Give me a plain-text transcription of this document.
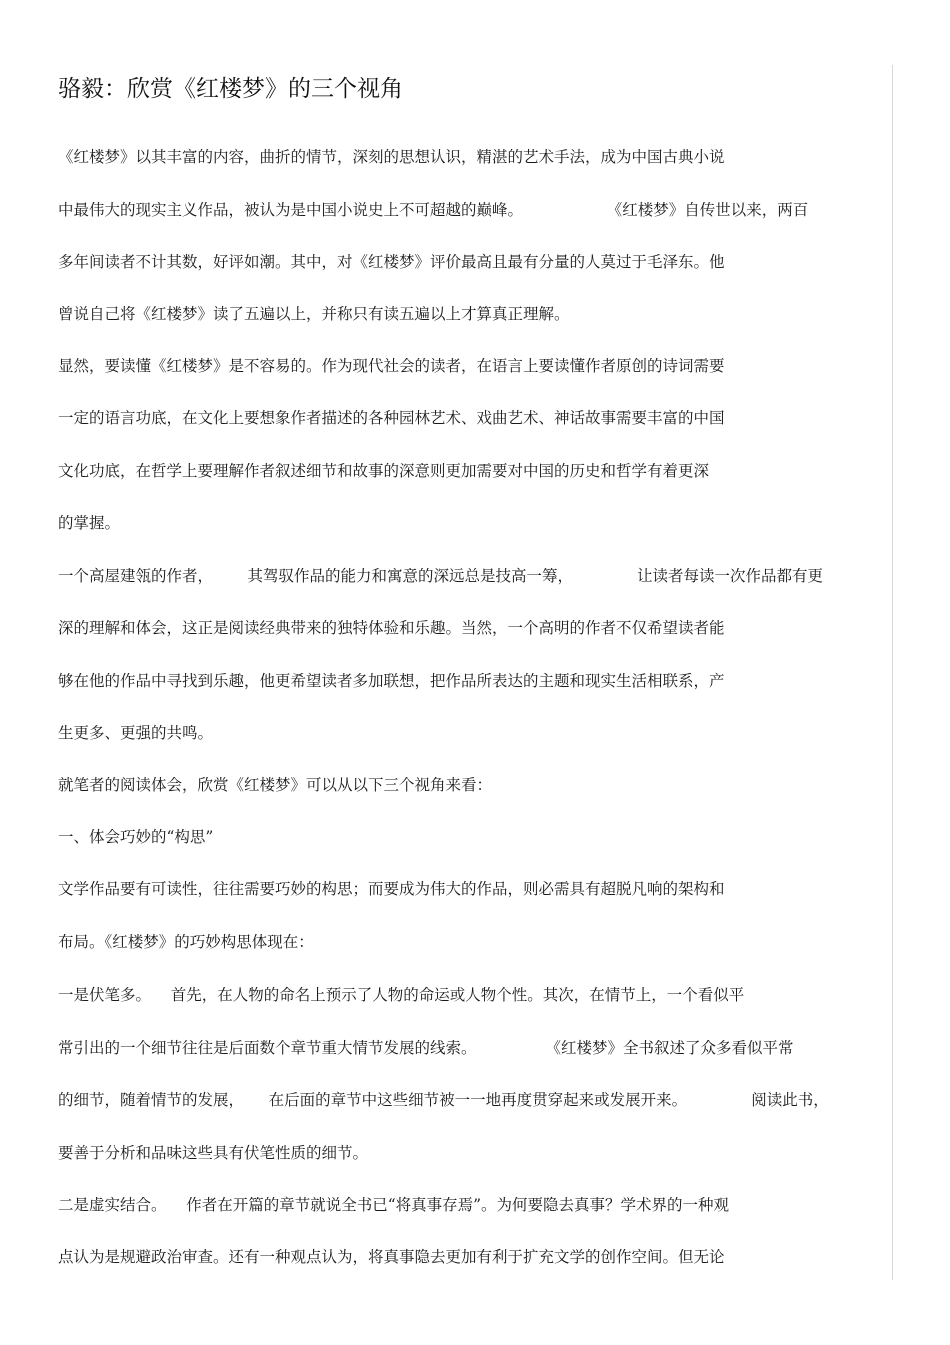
骆毅：欣赏《红楼梦》的三个视角
《红楼梦》以其丰富的内容，曲折的情节，深刻的思想认识，精湛的艺术手法，成为中国古典小说
中最伟大的现实主义作品，被认为是中国小说史上不可超越的巅峰。                 《红楼梦》自传世以来，两百
多年间读者不计其数，好评如潮。其中，对《红楼梦》评价最高且最有分量的人莫过于毛泽东。他
曾说自己将《红楼梦》读了五遍以上，并称只有读五遍以上才算真正理解。
显然，要读懂《红楼梦》是不容易的。作为现代社会的读者，在语言上要读懂作者原创的诗词需要
一定的语言功底，在文化上要想象作者描述的各种园林艺术、戏曲艺术、神话故事需要丰富的中国
文化功底，在哲学上要理解作者叙述细节和故事的深意则更加需要对中国的历史和哲学有着更深
的掌握。
一个高屋建瓴的作者，       其驾驭作品的能力和寓意的深远总是技高一筹，             让读者每读一次作品都有更
深的理解和体会，这正是阅读经典带来的独特体验和乐趣。当然，一个高明的作者不仅希望读者能
够在他的作品中寻找到乐趣，他更希望读者多加联想，把作品所表达的主题和现实生活相联系，产
生更多、更强的共鸣。
就笔者的阅读体会，欣赏《红楼梦》可以从以下三个视角来看：
一、体会巧妙的“构思”
文学作品要有可读性，往往需要巧妙的构思；而要成为伟大的作品，则必需具有超脱凡响的架构和
布局。《红楼梦》的巧妙构思体现在：
一是伏笔多。    首先，在人物的命名上预示了人物的命运或人物个性。其次，在情节上，一个看似平
常引出的一个细节往往是后面数个章节重大情节发展的线索。              《红楼梦》全书叙述了众多看似平常
的细节，随着情节的发展，     在后面的章节中这些细节被一一地再度贯穿起来或发展开来。             阅读此书，
要善于分析和品味这些具有伏笔性质的细节。
二是虚实结合。    作者在开篇的章节就说全书已“将真事存焉”。为何要隐去真事？学术界的一种观
点认为是规避政治审查。还有一种观点认为，将真事隐去更加有利于扩充文学的创作空间。但无论
